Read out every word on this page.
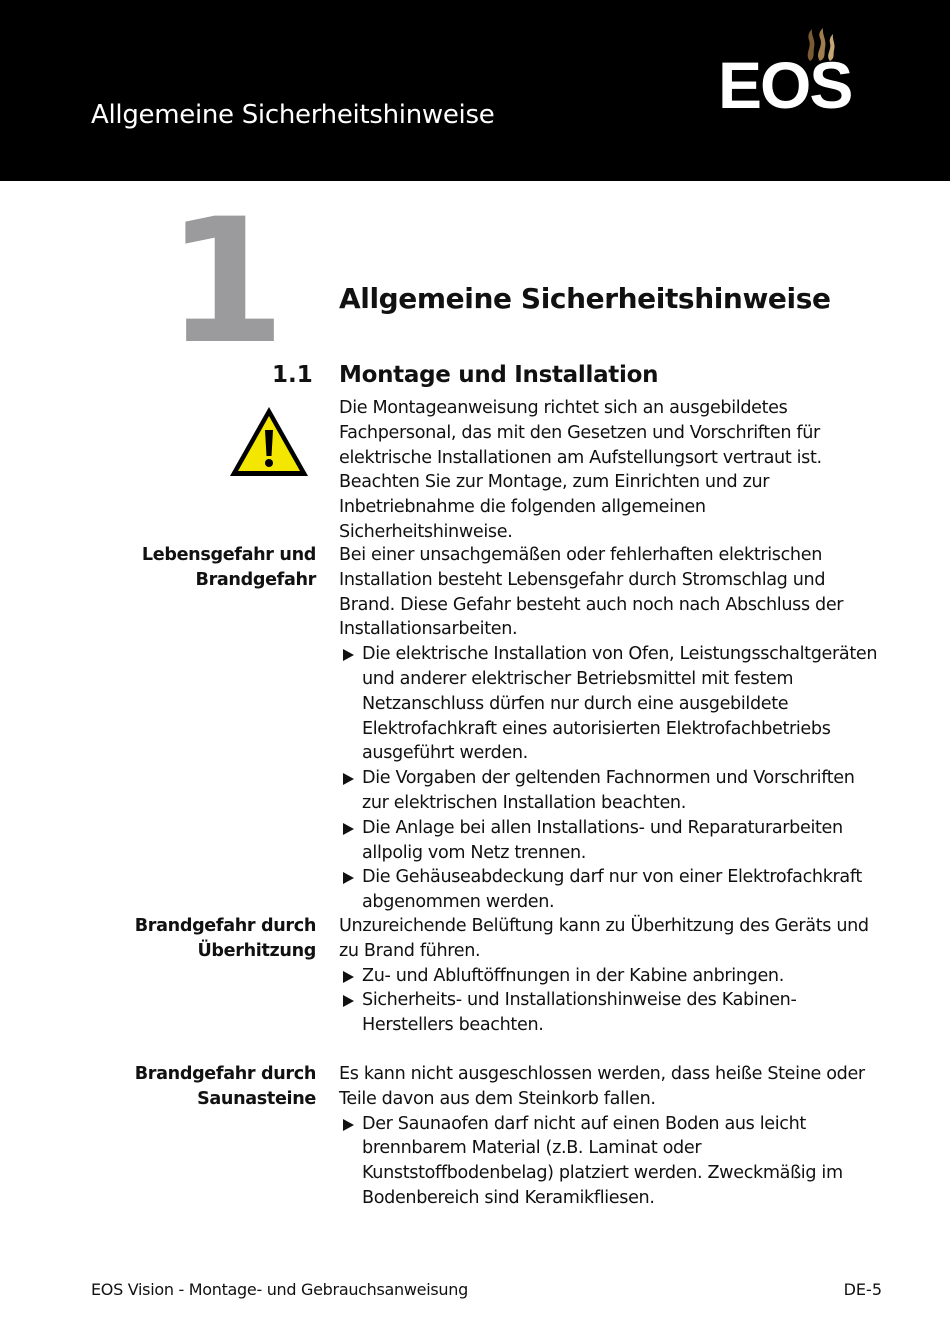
Allgemeine Sicherheitshinweise	EOS
1 Allgemeine Sicherheitshinweise
1.1 Montage und Installation

Die Montageanweisung richtet sich an ausgebildetes Fachpersonal, das mit den Gesetzen und Vorschriften für elektrische Installationen am Aufstellungsort vertraut ist. Beachten Sie zur Montage, zum Einrichten und zur Inbetriebnahme die folgenden allgemeinen Sicherheitshinweise.

Lebensgefahr und
Brandgefahr

Bei einer unsachgemäßen oder fehlerhaften elektrischen Installation besteht Lebensgefahr durch Stromschlag und Brand. Diese Gefahr besteht auch noch nach Abschluss der Installationsarbeiten.

Die elektrische Installation von Ofen, Leistungsschaltgeräten und anderer elektrischer Betriebsmittel mit festem Netzanschluss dürfen nur durch eine ausgebildete Elektrofachkraft eines autorisierten Elektrofachbetriebs ausgeführt werden.
Die Vorgaben der geltenden Fachnormen und Vorschriften zur elektrischen Installation beachten.
Die Anlage bei allen Installations- und Reparaturarbeiten allpolig vom Netz trennen.
Die Gehäuseabdeckung darf nur von einer Elektrofachkraft abgenommen werden.
Brandgefahr durch
Überhitzung

Unzureichende Belüftung kann zu Überhitzung des Geräts und zu Brand führen.

Zu- und Abluftöffnungen in der Kabine anbringen.
Sicherheits- und Installationshinweise des Kabinen-Herstellers beachten.
Brandgefahr durch
Saunasteine

Es kann nicht ausgeschlossen werden, dass heiße Steine oder Teile davon aus dem Steinkorb fallen.

Der Saunaofen darf nicht auf einen Boden aus leicht brennbarem Material (z.B. Laminat oder Kunststoffbodenbelag) platziert werden. Zweckmäßig im Bodenbereich sind Keramikfliesen.
EOS Vision - Montage- und Gebrauchsanweisung	DE-5
